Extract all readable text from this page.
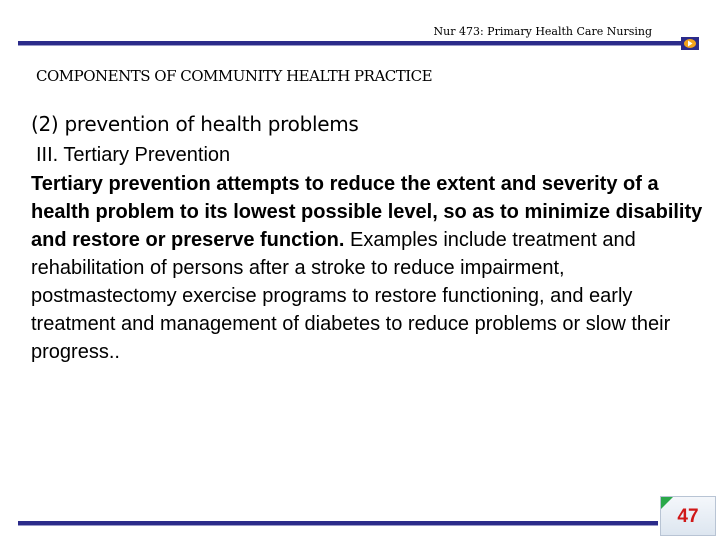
Nur 473: Primary Health Care Nursing
COMPONENTS OF COMMUNITY HEALTH PRACTICE
(2) prevention of health problems
III. Tertiary Prevention
Tertiary prevention attempts to reduce the extent and severity of a health problem to its lowest possible level, so as to minimize disability and restore or preserve function. Examples include treatment and rehabilitation of persons after a stroke to reduce impairment, postmastectomy exercise programs to restore functioning, and early treatment and management of diabetes to reduce problems or slow their progress..
47
